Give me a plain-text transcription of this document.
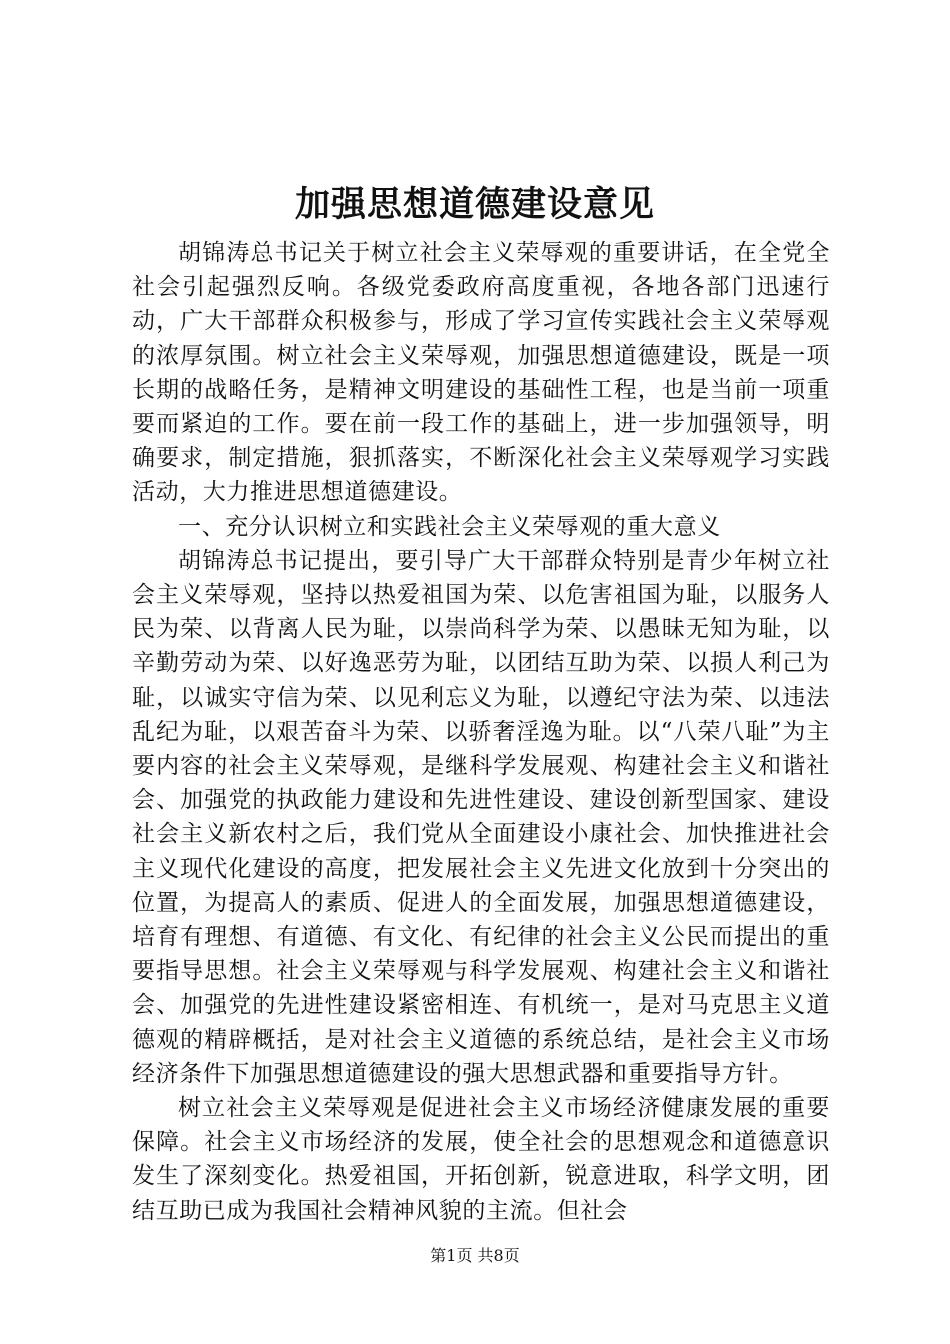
加强思想道德建设意见

胡锦涛总书记关于树立社会主义荣辱观的重要讲话，在全党全社会引起强烈反响。各级党委政府高度重视，各地各部门迅速行动，广大干部群众积极参与，形成了学习宣传实践社会主义荣辱观的浓厚氛围。树立社会主义荣辱观，加强思想道德建设，既是一项长期的战略任务，是精神文明建设的基础性工程，也是当前一项重要而紧迫的工作。要在前一段工作的基础上，进一步加强领导，明确要求，制定措施，狠抓落实，不断深化社会主义荣辱观学习实践活动，大力推进思想道德建设。

一、充分认识树立和实践社会主义荣辱观的重大意义

胡锦涛总书记提出，要引导广大干部群众特别是青少年树立社会主义荣辱观，坚持以热爱祖国为荣、以危害祖国为耻，以服务人民为荣、以背离人民为耻，以崇尚科学为荣、以愚昧无知为耻，以辛勤劳动为荣、以好逸恶劳为耻，以团结互助为荣、以损人利己为耻，以诚实守信为荣、以见利忘义为耻，以遵纪守法为荣、以违法乱纪为耻，以艰苦奋斗为荣、以骄奢淫逸为耻。以“八荣八耻”为主要内容的社会主义荣辱观，是继科学发展观、构建社会主义和谐社会、加强党的执政能力建设和先进性建设、建设创新型国家、建设社会主义新农村之后，我们党从全面建设小康社会、加快推进社会主义现代化建设的高度，把发展社会主义先进文化放到十分突出的位置，为提高人的素质、促进人的全面发展，加强思想道德建设，培育有理想、有道德、有文化、有纪律的社会主义公民而提出的重要指导思想。社会主义荣辱观与科学发展观、构建社会主义和谐社会、加强党的先进性建设紧密相连、有机统一，是对马克思主义道德观的精辟概括，是对社会主义道德的系统总结，是社会主义市场经济条件下加强思想道德建设的强大思想武器和重要指导方针。

树立社会主义荣辱观是促进社会主义市场经济健康发展的重要保障。社会主义市场经济的发展，使全社会的思想观念和道德意识发生了深刻变化。热爱祖国，开拓创新，锐意进取，科学文明，团结互助已成为我国社会精神风貌的主流。但社会

第1页 共8页
